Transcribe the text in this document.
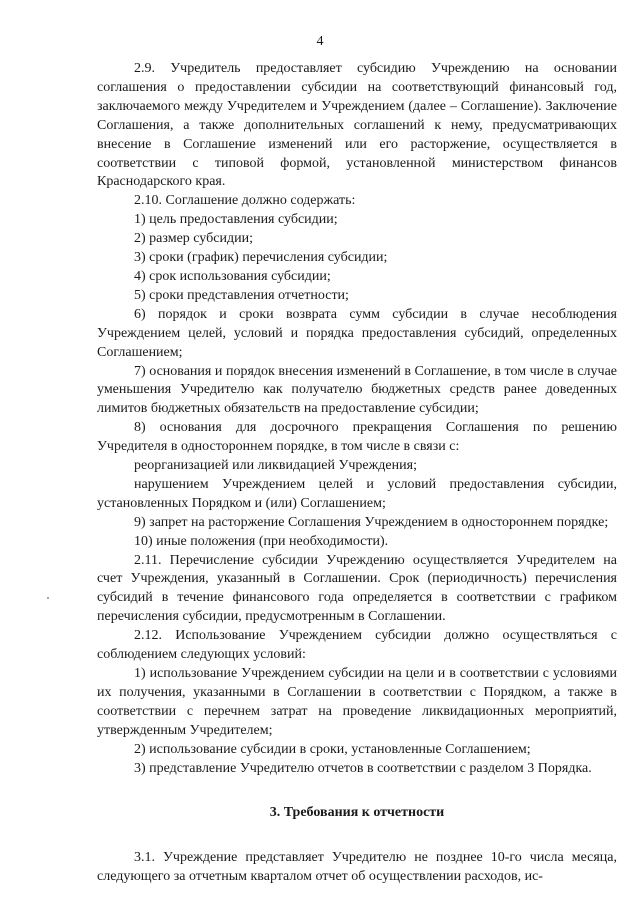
4

2.9. Учредитель предоставляет субсидию Учреждению на основании соглашения о предоставлении субсидии на соответствующий финансовый год, заключаемого между Учредителем и Учреждением (далее – Соглашение). Заключение Соглашения, а также дополнительных соглашений к нему, предусматривающих внесение в Соглашение изменений или его расторжение, осуществляется в соответствии с типовой формой, установленной министерством финансов Краснодарского края.

2.10. Соглашение должно содержать:

1) цель предоставления субсидии;

2) размер субсидии;

3) сроки (график) перечисления субсидии;

4) срок использования субсидии;

5) сроки представления отчетности;

6) порядок и сроки возврата сумм субсидии в случае несоблюдения Учреждением целей, условий и порядка предоставления субсидий, определенных Соглашением;

7) основания и порядок внесения изменений в Соглашение, в том числе в случае уменьшения Учредителю как получателю бюджетных средств ранее доведенных лимитов бюджетных обязательств на предоставление субсидии;

8) основания для досрочного прекращения Соглашения по решению Учредителя в одностороннем порядке, в том числе в связи с:

реорганизацией или ликвидацией Учреждения;

нарушением Учреждением целей и условий предоставления субсидии, установленных Порядком и (или) Соглашением;

9) запрет на расторжение Соглашения Учреждением в одностороннем порядке;

10) иные положения (при необходимости).

2.11. Перечисление субсидии Учреждению осуществляется Учредителем на счет Учреждения, указанный в Соглашении. Срок (периодичность) перечисления субсидий в течение финансового года определяется в соответствии с графиком перечисления субсидии, предусмотренным в Соглашении.

2.12. Использование Учреждением субсидии должно осуществляться с соблюдением следующих условий:

1) использование Учреждением субсидии на цели и в соответствии с условиями их получения, указанными в Соглашении в соответствии с Порядком, а также в соответствии с перечнем затрат на проведение ликвидационных мероприятий, утвержденным Учредителем;

2) использование субсидии в сроки, установленные Соглашением;

3) представление Учредителю отчетов в соответствии с разделом 3 Порядка.

3. Требования к отчетности

3.1. Учреждение представляет Учредителю не позднее 10-го числа месяца, следующего за отчетным кварталом отчет об осуществлении расходов, ис-
